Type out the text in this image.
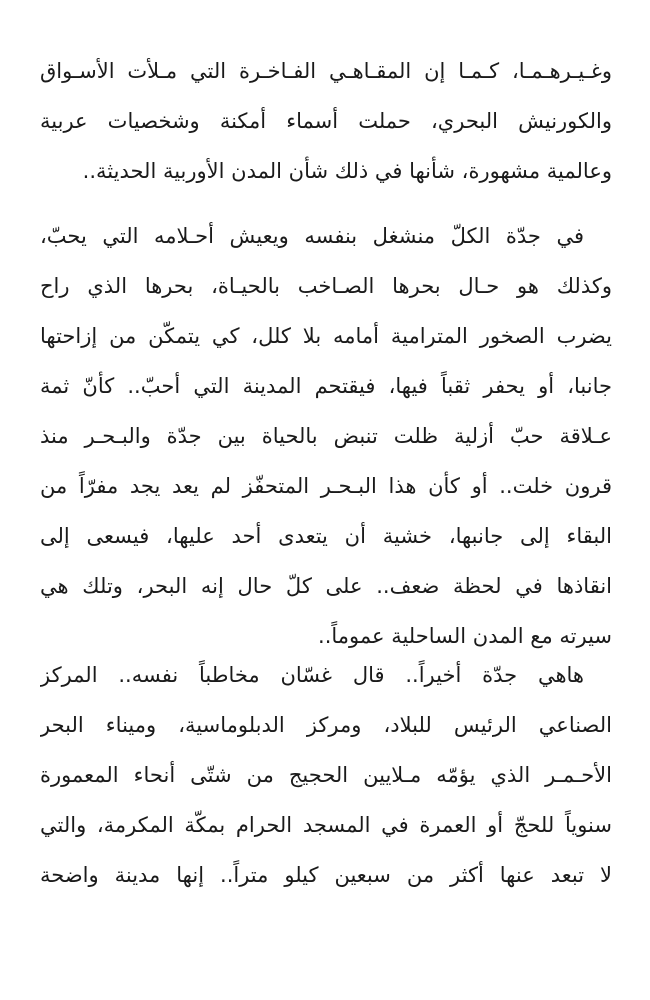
وغـيـرهـمـا، كـمـا إن المقـاهـي الفـاخـرة التي مـلأت الأسـواق
والكورنيش البحري، حملت أسماء أمكنة وشخصيات عربية
وعالمية مشهورة، شأنها في ذلك شأن المدن الأوربية الحديثة..
في جدّة الكلّ منشغل بنفسه ويعيش أحـلامه التي يحبّ،
وكذلك هو حـال بحرها الصـاخب بالحيـاة، بحرها الذي راح
يضرب الصخور المترامية أمامه بلا كلل، كي يتمكّن من إزاحتها
جانبا، أو يحفر ثقباً فيها، فيقتحم المدينة التي أحبّ.. كأنّ ثمة
عـلاقة حبّ أزلية ظلت تنبض بالحياة بين جدّة والبـحـر منذ
قرون خلت.. أو كأن هذا البـحـر المتحفّز لم يعد يجد مفرّاً من
البقاء إلى جانبها، خشية أن يتعدى أحد عليها، فيسعى إلى
انقاذها في لحظة ضعف.. على كلّ حال إنه البحر، وتلك هي
سيرته مع المدن الساحلية عموماً..
هاهي جدّة أخيراً.. قال غسّان مخاطباً نفسه.. المركز
الصناعي الرئيس للبلاد، ومركز الدبلوماسية، وميناء البحر
الأحـمـر الذي يؤمّه مـلايين الحجيج من شتّى أنحاء المعمورة
سنوياً للحجّ أو العمرة في المسجد الحرام بمكّة المكرمة، والتي
لا تبعد عنها أكثر من سبعين كيلو متراً.. إنها مدينة واضحة
